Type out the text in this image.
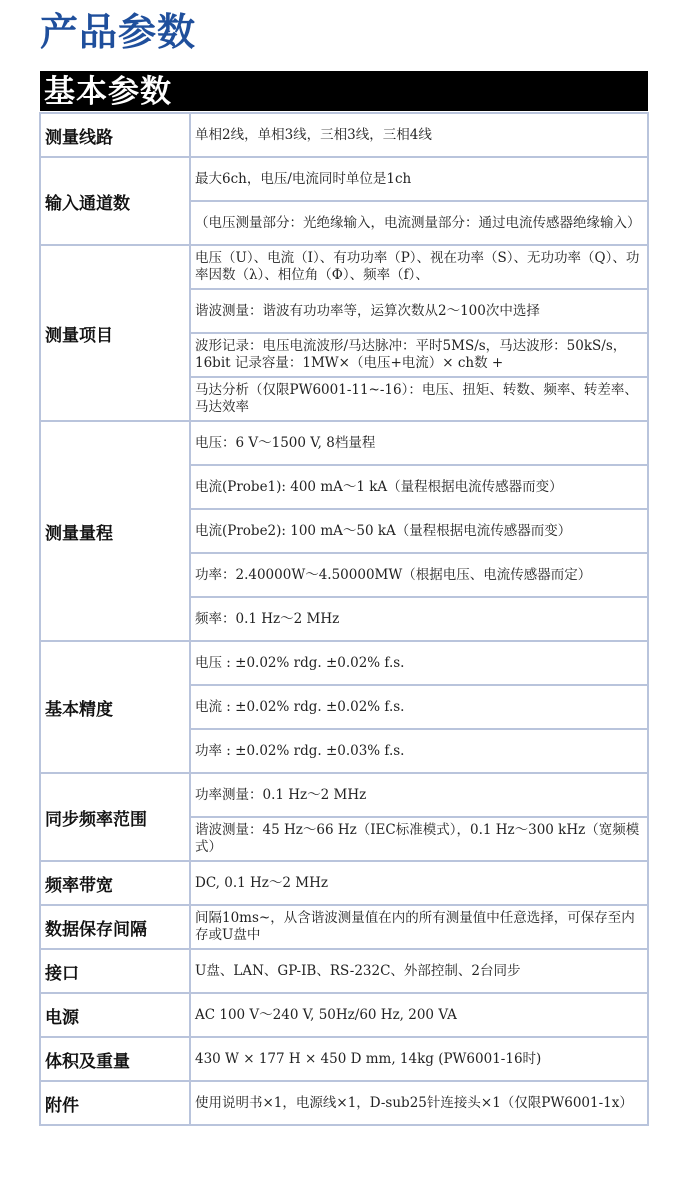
产品参数
基本参数
测量线路	单相2线，单相3线，三相3线，三相4线
输入通道数	最大6ch，电压/电流同时单位是1ch
	（电压测量部分：光绝缘输入，电流测量部分：通过电流传感器绝缘输入）
测量项目	电压（U）、电流（I）、有功功率（P）、视在功率（S）、无功功率（Q）、功率因数（λ）、相位角（Φ）、频率（f）、
	谐波测量：谐波有功功率等，运算次数从2～100次中选择
	波形记录：电压电流波形/马达脉冲：平时5MS/s，马达波形：50kS/s，16bit 记录容量：1MW×（电压+电流）× ch数 +
	马达分析（仅限PW6001-11~-16）：电压、扭矩、转数、频率、转差率、马达效率
测量量程	电压：6 V～1500 V, 8档量程
	电流(Probe1): 400 mA～1 kA（量程根据电流传感器而变）
	电流(Probe2): 100 mA～50 kA（量程根据电流传感器而变）
	功率：2.40000W～4.50000MW（根据电压、电流传感器而定）
	频率：0.1 Hz～2 MHz
基本精度	电压 : ±0.02% rdg. ±0.02% f.s.
	电流 : ±0.02% rdg. ±0.02% f.s.
	功率 : ±0.02% rdg. ±0.03% f.s.
同步频率范围	功率测量：0.1 Hz～2 MHz
	谐波测量：45 Hz～66 Hz（IEC标准模式），0.1 Hz～300 kHz（宽频模式）
频率带宽	DC, 0.1 Hz～2 MHz
数据保存间隔	间隔10ms~，从含谐波测量值在内的所有测量值中任意选择，可保存至内存或U盘中
接口	U盘、LAN、GP-IB、RS-232C、外部控制、2台同步
电源	AC 100 V～240 V, 50Hz/60 Hz, 200 VA
体积及重量	430 W × 177 H × 450 D mm, 14kg (PW6001-16时)
附件	使用说明书×1，电源线×1，D-sub25针连接头×1（仅限PW6001-1x）
